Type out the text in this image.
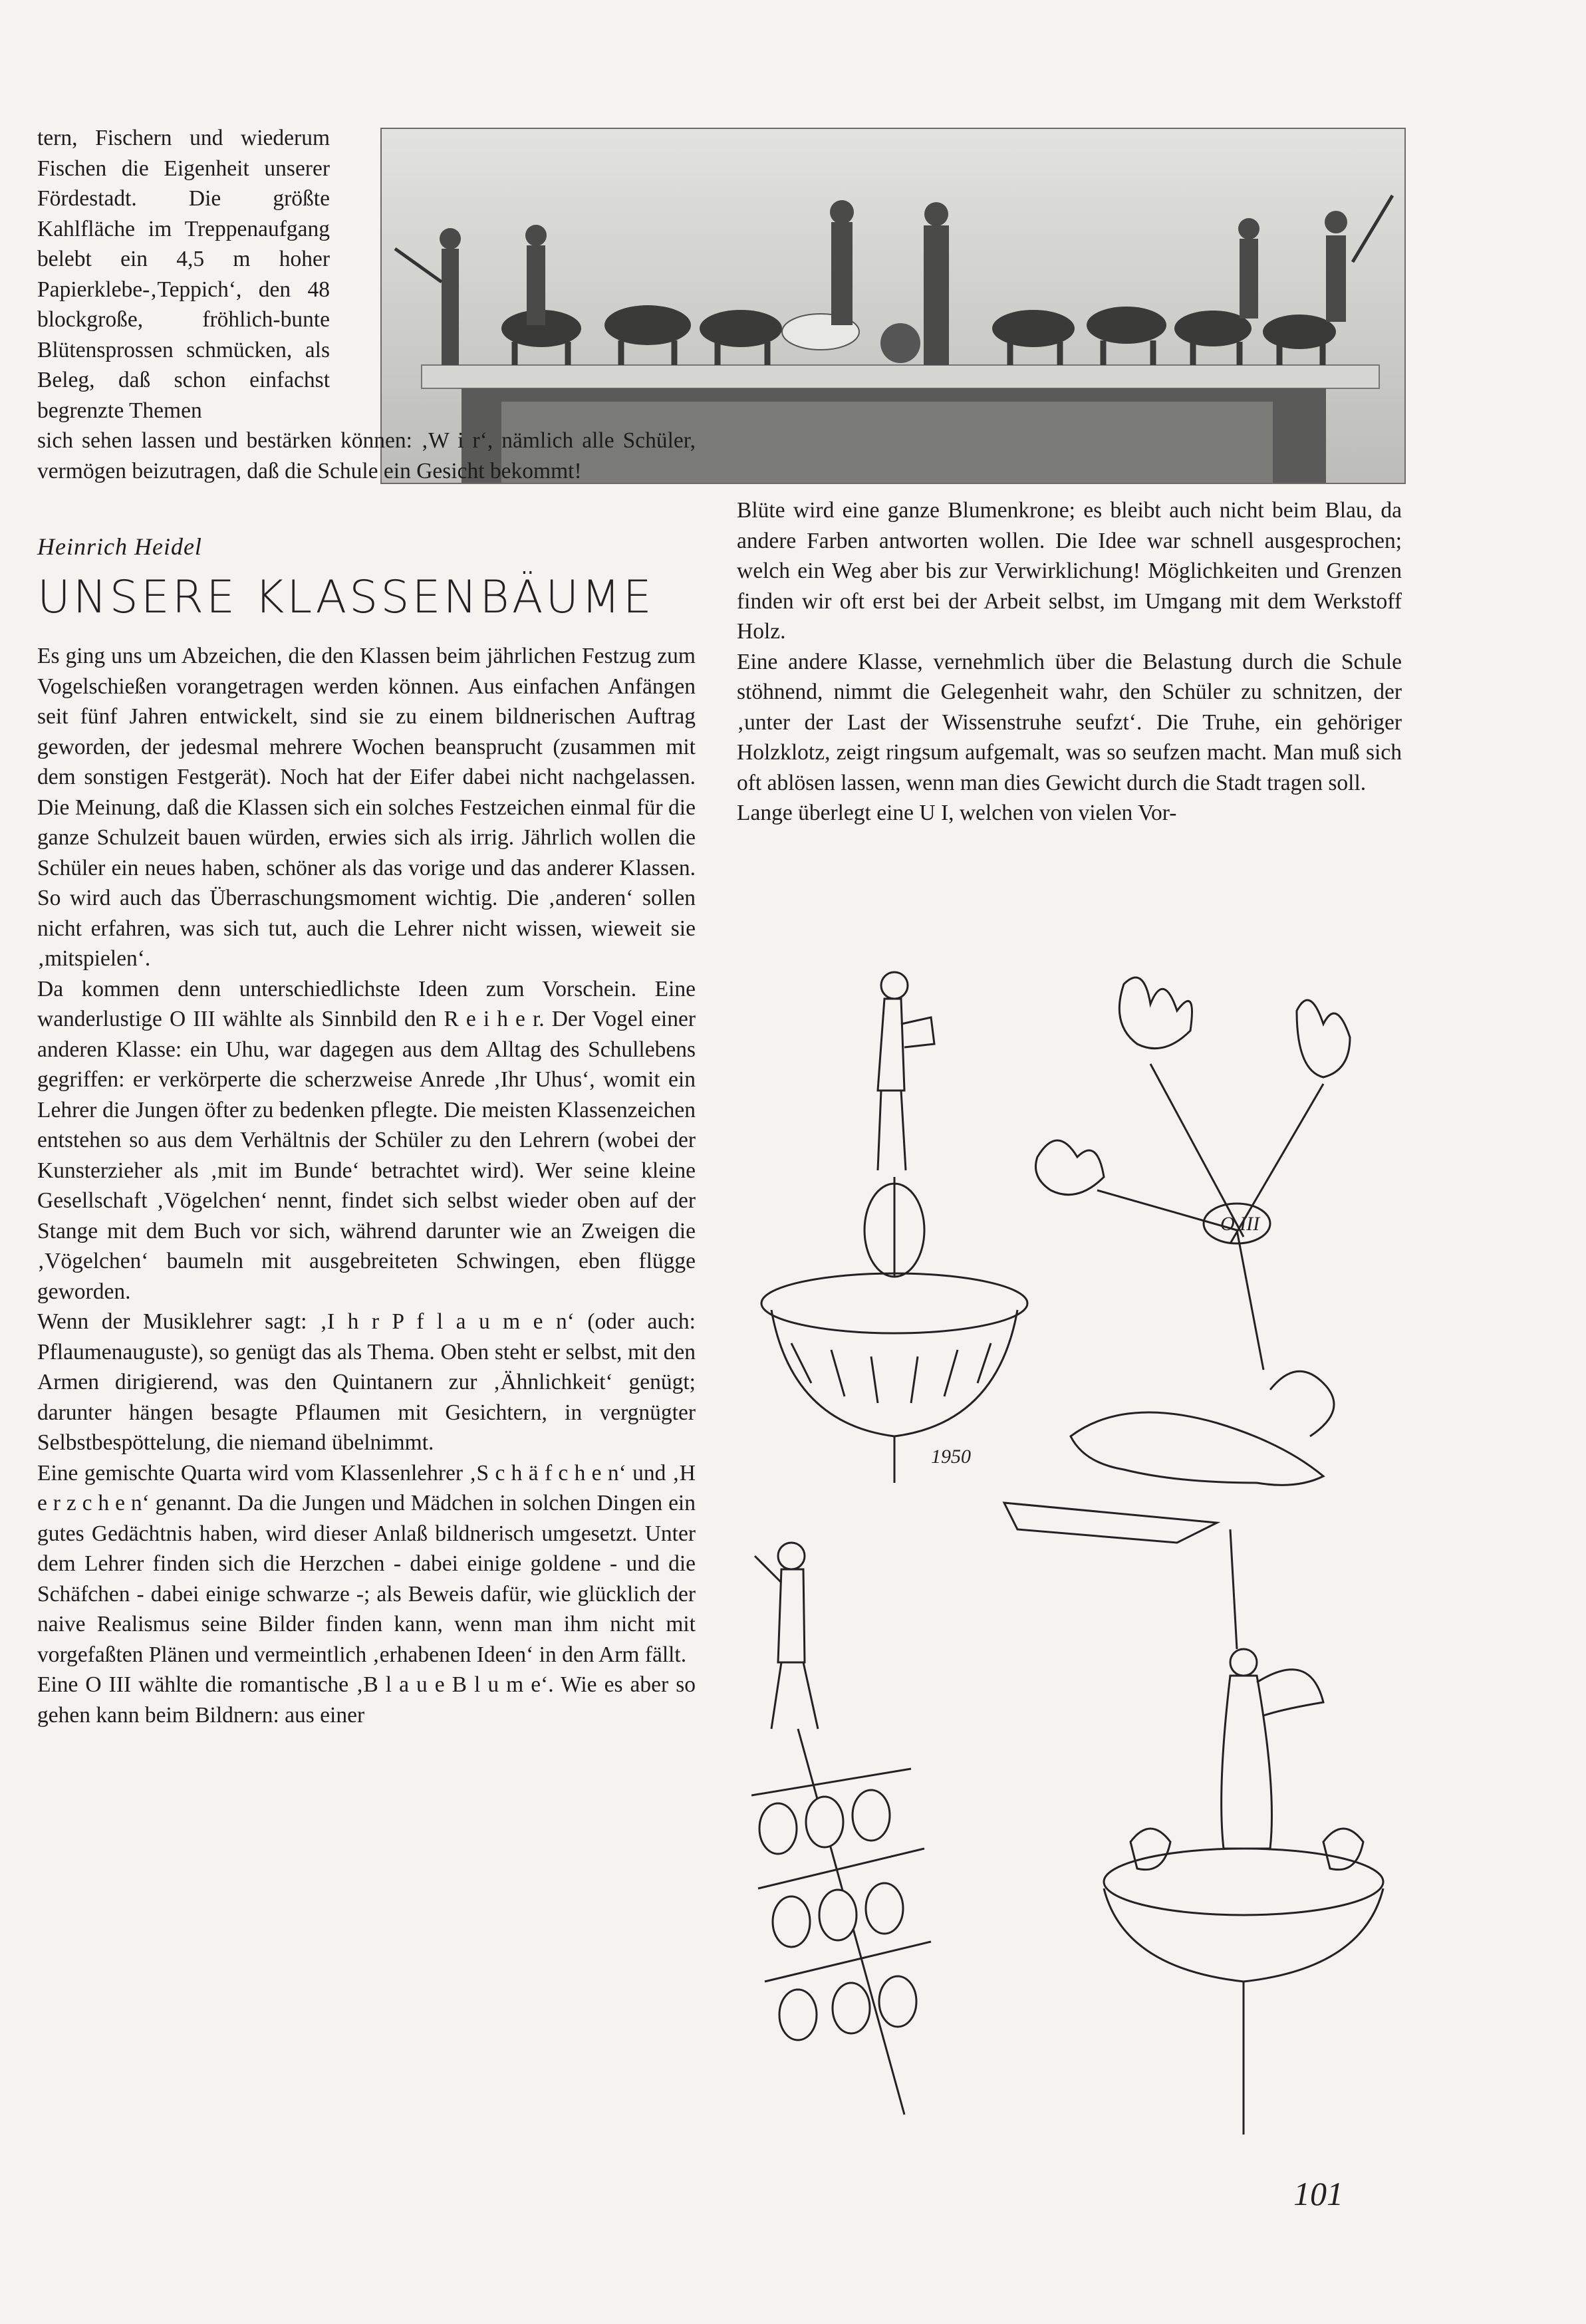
tern, Fischern und wiederum Fischen die Eigenheit unserer Fördestadt. Die größte Kahlfläche im Treppenaufgang belebt ein 4,5 m hoher Papierklebe-‚Teppich‘, den 48 blockgroße, fröhlich-bunte Blütensprossen schmücken, als Beleg, daß schon einfachst begrenzte Themen

sich sehen lassen und bestärken können: ‚W i r‘, nämlich alle Schüler, vermögen beizutragen, daß die Schule ein Gesicht bekommt!

Heinrich Heidel

UNSERE KLASSENBÄUME

Es ging uns um Abzeichen, die den Klassen beim jährlichen Festzug zum Vogelschießen vorangetragen werden können. Aus einfachen Anfängen seit fünf Jahren entwickelt, sind sie zu einem bildnerischen Auftrag geworden, der jedesmal mehrere Wochen beansprucht (zusammen mit dem sonstigen Festgerät). Noch hat der Eifer dabei nicht nachgelassen. Die Meinung, daß die Klassen sich ein solches Festzeichen einmal für die ganze Schulzeit bauen würden, erwies sich als irrig. Jährlich wollen die Schüler ein neues haben, schöner als das vorige und das anderer Klassen. So wird auch das Überraschungsmoment wichtig. Die ‚anderen‘ sollen nicht erfahren, was sich tut, auch die Lehrer nicht wissen, wieweit sie ‚mitspielen‘.

Da kommen denn unterschiedlichste Ideen zum Vorschein. Eine wanderlustige O III wählte als Sinnbild den R e i h e r. Der Vogel einer anderen Klasse: ein Uhu, war dagegen aus dem Alltag des Schullebens gegriffen: er verkörperte die scherzweise Anrede ‚Ihr Uhus‘, womit ein Lehrer die Jungen öfter zu bedenken pflegte. Die meisten Klassenzeichen entstehen so aus dem Verhältnis der Schüler zu den Lehrern (wobei der Kunsterzieher als ‚mit im Bunde‘ betrachtet wird). Wer seine kleine Gesellschaft ‚Vögelchen‘ nennt, findet sich selbst wieder oben auf der Stange mit dem Buch vor sich, während darunter wie an Zweigen die ‚Vögelchen‘ baumeln mit ausgebreiteten Schwingen, eben flügge geworden.

Wenn der Musiklehrer sagt: ‚I h r P f l a u m e n‘ (oder auch: Pflaumenauguste), so genügt das als Thema. Oben steht er selbst, mit den Armen dirigierend, was den Quintanern zur ‚Ähnlichkeit‘ genügt; darunter hängen besagte Pflaumen mit Gesichtern, in vergnügter Selbstbespöttelung, die niemand übelnimmt.

Eine gemischte Quarta wird vom Klassenlehrer ‚S c h ä f c h e n‘ und ‚H e r z c h e n‘ genannt. Da die Jungen und Mädchen in solchen Dingen ein gutes Gedächtnis haben, wird dieser Anlaß bildnerisch umgesetzt. Unter dem Lehrer finden sich die Herzchen - dabei einige goldene - und die Schäfchen - dabei einige schwarze -; als Beweis dafür, wie glücklich der naive Realismus seine Bilder finden kann, wenn man ihm nicht mit vorgefaßten Plänen und vermeintlich ‚erhabenen Ideen‘ in den Arm fällt.

Eine O III wählte die romantische ‚B l a u e B l u m e‘. Wie es aber so gehen kann beim Bildnern: aus einer

Blüte wird eine ganze Blumenkrone; es bleibt auch nicht beim Blau, da andere Farben antworten wollen. Die Idee war schnell ausgesprochen; welch ein Weg aber bis zur Verwirklichung! Möglichkeiten und Grenzen finden wir oft erst bei der Arbeit selbst, im Umgang mit dem Werkstoff Holz.

Eine andere Klasse, vernehmlich über die Belastung durch die Schule stöhnend, nimmt die Gelegenheit wahr, den Schüler zu schnitzen, der ‚unter der Last der Wissenstruhe seufzt‘. Die Truhe, ein gehöriger Holzklotz, zeigt ringsum aufgemalt, was so seufzen macht. Man muß sich oft ablösen lassen, wenn man dies Gewicht durch die Stadt tragen soll.

Lange überlegt eine U I, welchen von vielen Vor-

O III
1950
101
